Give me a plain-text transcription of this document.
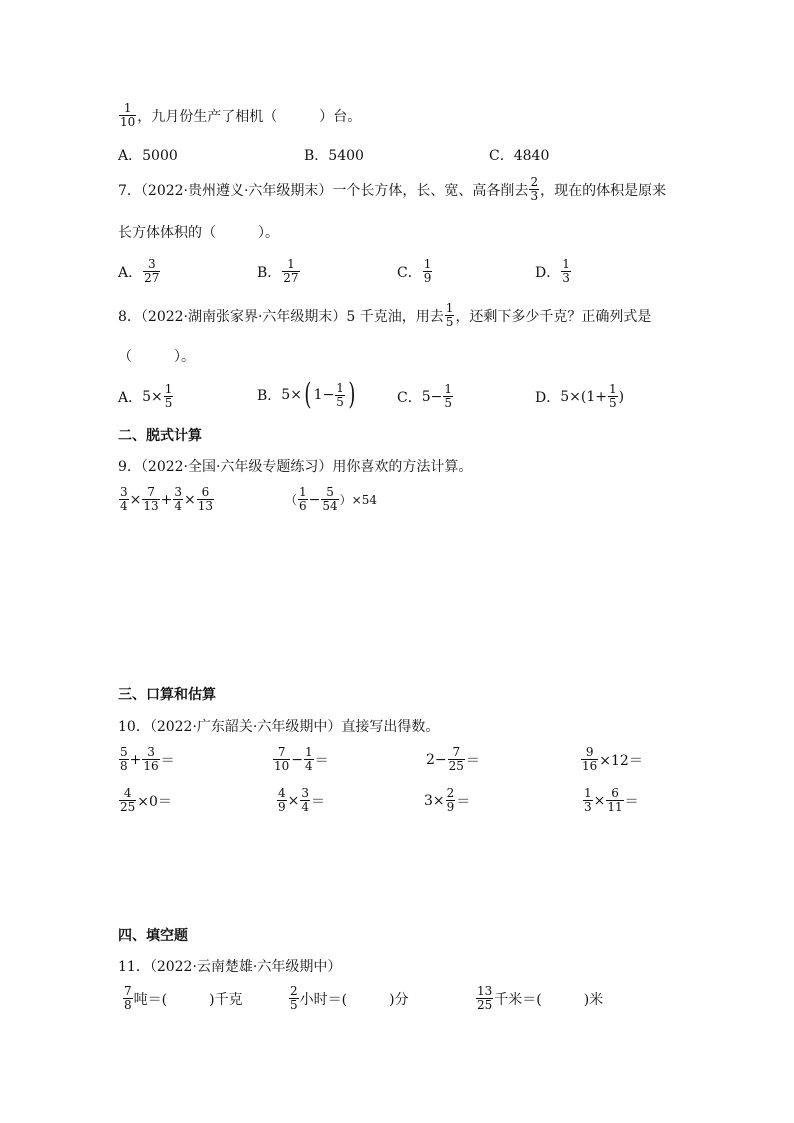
$\frac{1}{10}$ ，九月份生产了相机（　　　）台。
A．5000	B．5400	C．4840
7．（2022·贵州遵义·六年级期末）一个长方体，长、宽、高各削去 $\frac{2}{3}$ ，现在的体积是原来
长方体体积的（　　　）。
A． $\frac{3}{27}$	B． $\frac{1}{27}$	C． $\frac{1}{9}$	D． $\frac{1}{3}$
8．（2022·湖南张家界·六年级期末）5 千克油，用去 $\frac{1}{5}$ ，还剩下多少千克？正确列式是
（　　　）。
A． $5\times \frac{1}{5}$	B． 5× ( $1- \frac{1}{5}$ )	C． $5- \frac{1}{5}$	D． $5\times(1+ \frac{1}{5}$ )
二、脱式计算
9．（2022·全国·六年级专题练习）用你喜欢的方法计算。
$\frac{3}{4} \times \frac{7}{13} + \frac{3}{4} \times \frac{6}{13}$	（ $\frac{1}{6} - \frac{5}{54} )\times 54$
三、口算和估算
10．（2022·广东韶关·六年级期中）直接写出得数。
$\frac{5}{8} + \frac{3}{16}$ ＝	$\frac{7}{10} - \frac{1}{4}$ ＝	$2- \frac{7}{25}$ ＝	$\frac{9}{16} \times 12=$
$\frac{4}{25} \times 0=$	$\frac{4}{9} \times \frac{3}{4}$ ＝	$3\times \frac{2}{9}$ ＝	$\frac{1}{3} \times \frac{6}{11}$ ＝
四、填空题
11．（2022·云南楚雄·六年级期中）
$\frac{7}{8}$ 吨＝(　　　)千克	$\frac{2}{5}$ 小时＝(　　　)分	$\frac{13}{25}$ 千米＝(　　　)米
